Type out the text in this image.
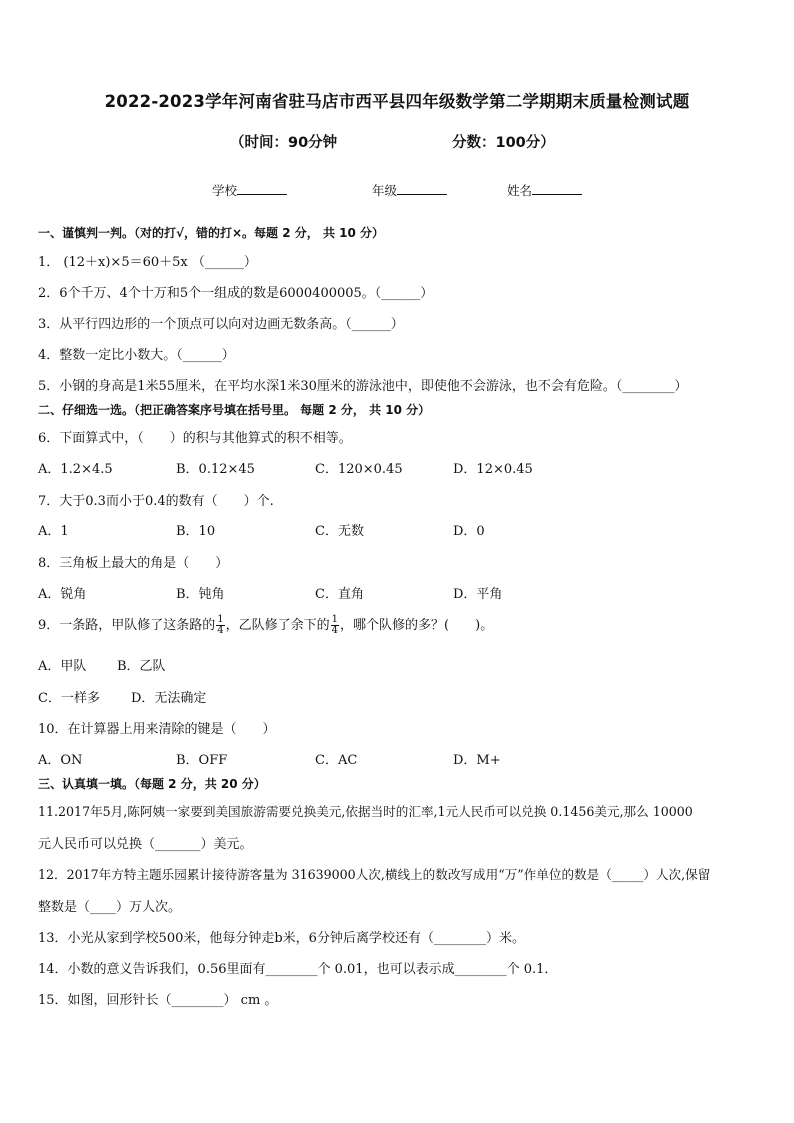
2022-2023学年河南省驻马店市西平县四年级数学第二学期期末质量检测试题
（时间：90分钟	分数：100分）
学校	年级	姓名
一、谨慎判一判。（对的打√，错的打×。每题 2 分， 共 10 分）
1． (12＋x)×5＝60＋5x （______）
2．6个千万、4个十万和5个一组成的数是6000400005。（______）
3．从平行四边形的一个顶点可以向对边画无数条高。（______）
4．整数一定比小数大。（______）
5．小钢的身高是1米55厘米，在平均水深1米30厘米的游泳池中，即使他不会游泳，也不会有危险。（________）
二、仔细选一选。（把正确答案序号填在括号里。 每题 2 分， 共 10 分）
6．下面算式中，（　　）的积与其他算式的积不相等。
A．1.2×4.5	B．0.12×45	C．120×0.45	D．12×0.45
7．大于0.3而小于0.4的数有（　　）个.
A．1	B．10	C．无数	D．0
8．三角板上最大的角是（　　）
A．锐角	B．钝角	C．直角	D．平角
9．一条路，甲队修了这条路的 $\frac{1}{4}$ ，乙队修了余下的 $\frac{1}{4}$ ，哪个队修的多？(　　)。
A．甲队 B．乙队
C．一样多 D．无法确定
10．在计算器上用来清除的键是（　　）
A．ON	B．OFF	C．AC	D．M+
三、认真填一填。（每题 2 分，共 20 分）
11.2017年5月,陈阿姨一家要到美国旅游需要兑换美元,依据当时的汇率,1元人民币可以兑换 0.1456美元,那么 10000
元人民币可以兑换（_______）美元。
12．2017年方特主题乐园累计接待游客量为 31639000人次,横线上的数改写成用“万”作单位的数是（_____）人次,保留
整数是（____）万人次。
13．小光从家到学校500米，他每分钟走b米，6分钟后离学校还有（________）米。
14．小数的意义告诉我们，0.56里面有________个 0.01，也可以表示成________个 0.1．
15．如图，回形针长（________） cm 。
